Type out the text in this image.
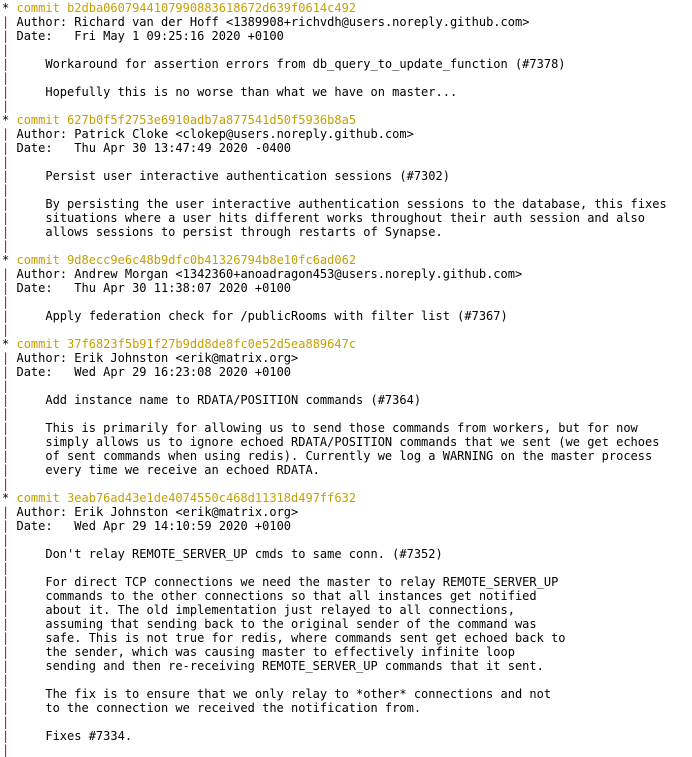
* commit b2dba0607944107990883618672d639f0614c492
| Author: Richard van der Hoff <1389908+richvdh@users.noreply.github.com>
| Date: Fri May 1 09:25:16 2020 +0100
|
|	Workaround for assertion errors from db_query_to_update_function (#7378)
|
|	Hopefully this is no worse than what we have on master...
|
* commit 627b0f5f2753e6910adb7a877541d50f5936b8a5
| Author: Patrick Cloke <clokep@users.noreply.github.com>
| Date: Thu Apr 30 13:47:49 2020 -0400
|
|	Persist user interactive authentication sessions (#7302)
|
|	By persisting the user interactive authentication sessions to the database, this fixes
|	situations where a user hits different works throughout their auth session and also
|	allows sessions to persist through restarts of Synapse.
|
* commit 9d8ecc9e6c48b9dfc0b41326794b8e10fc6ad062
| Author: Andrew Morgan <1342360+anoadragon453@users.noreply.github.com>
| Date: Thu Apr 30 11:38:07 2020 +0100
|
|	Apply federation check for /publicRooms with filter list (#7367)
|
* commit 37f6823f5b91f27b9dd8de8fc0e52d5ea889647c
| Author: Erik Johnston <erik@matrix.org>
| Date: Wed Apr 29 16:23:08 2020 +0100
|
|	Add instance name to RDATA/POSITION commands (#7364)
|
|	This is primarily for allowing us to send those commands from workers, but for now
|	simply allows us to ignore echoed RDATA/POSITION commands that we sent (we get echoes
|	of sent commands when using redis). Currently we log a WARNING on the master process
|	every time we receive an echoed RDATA.
|
* commit 3eab76ad43e1de4074550c468d11318d497ff632
| Author: Erik Johnston <erik@matrix.org>
| Date: Wed Apr 29 14:10:59 2020 +0100
|
|	Don't relay REMOTE_SERVER_UP cmds to same conn. (#7352)
|
|	For direct TCP connections we need the master to relay REMOTE_SERVER_UP
|	commands to the other connections so that all instances get notified
|	about it. The old implementation just relayed to all connections,
|	assuming that sending back to the original sender of the command was
|	safe. This is not true for redis, where commands sent get echoed back to
|	the sender, which was causing master to effectively infinite loop
|	sending and then re-receiving REMOTE_SERVER_UP commands that it sent.
|
|	The fix is to ensure that we only relay to *other* connections and not
|	to the connection we received the notification from.
|
|	Fixes #7334.
|
